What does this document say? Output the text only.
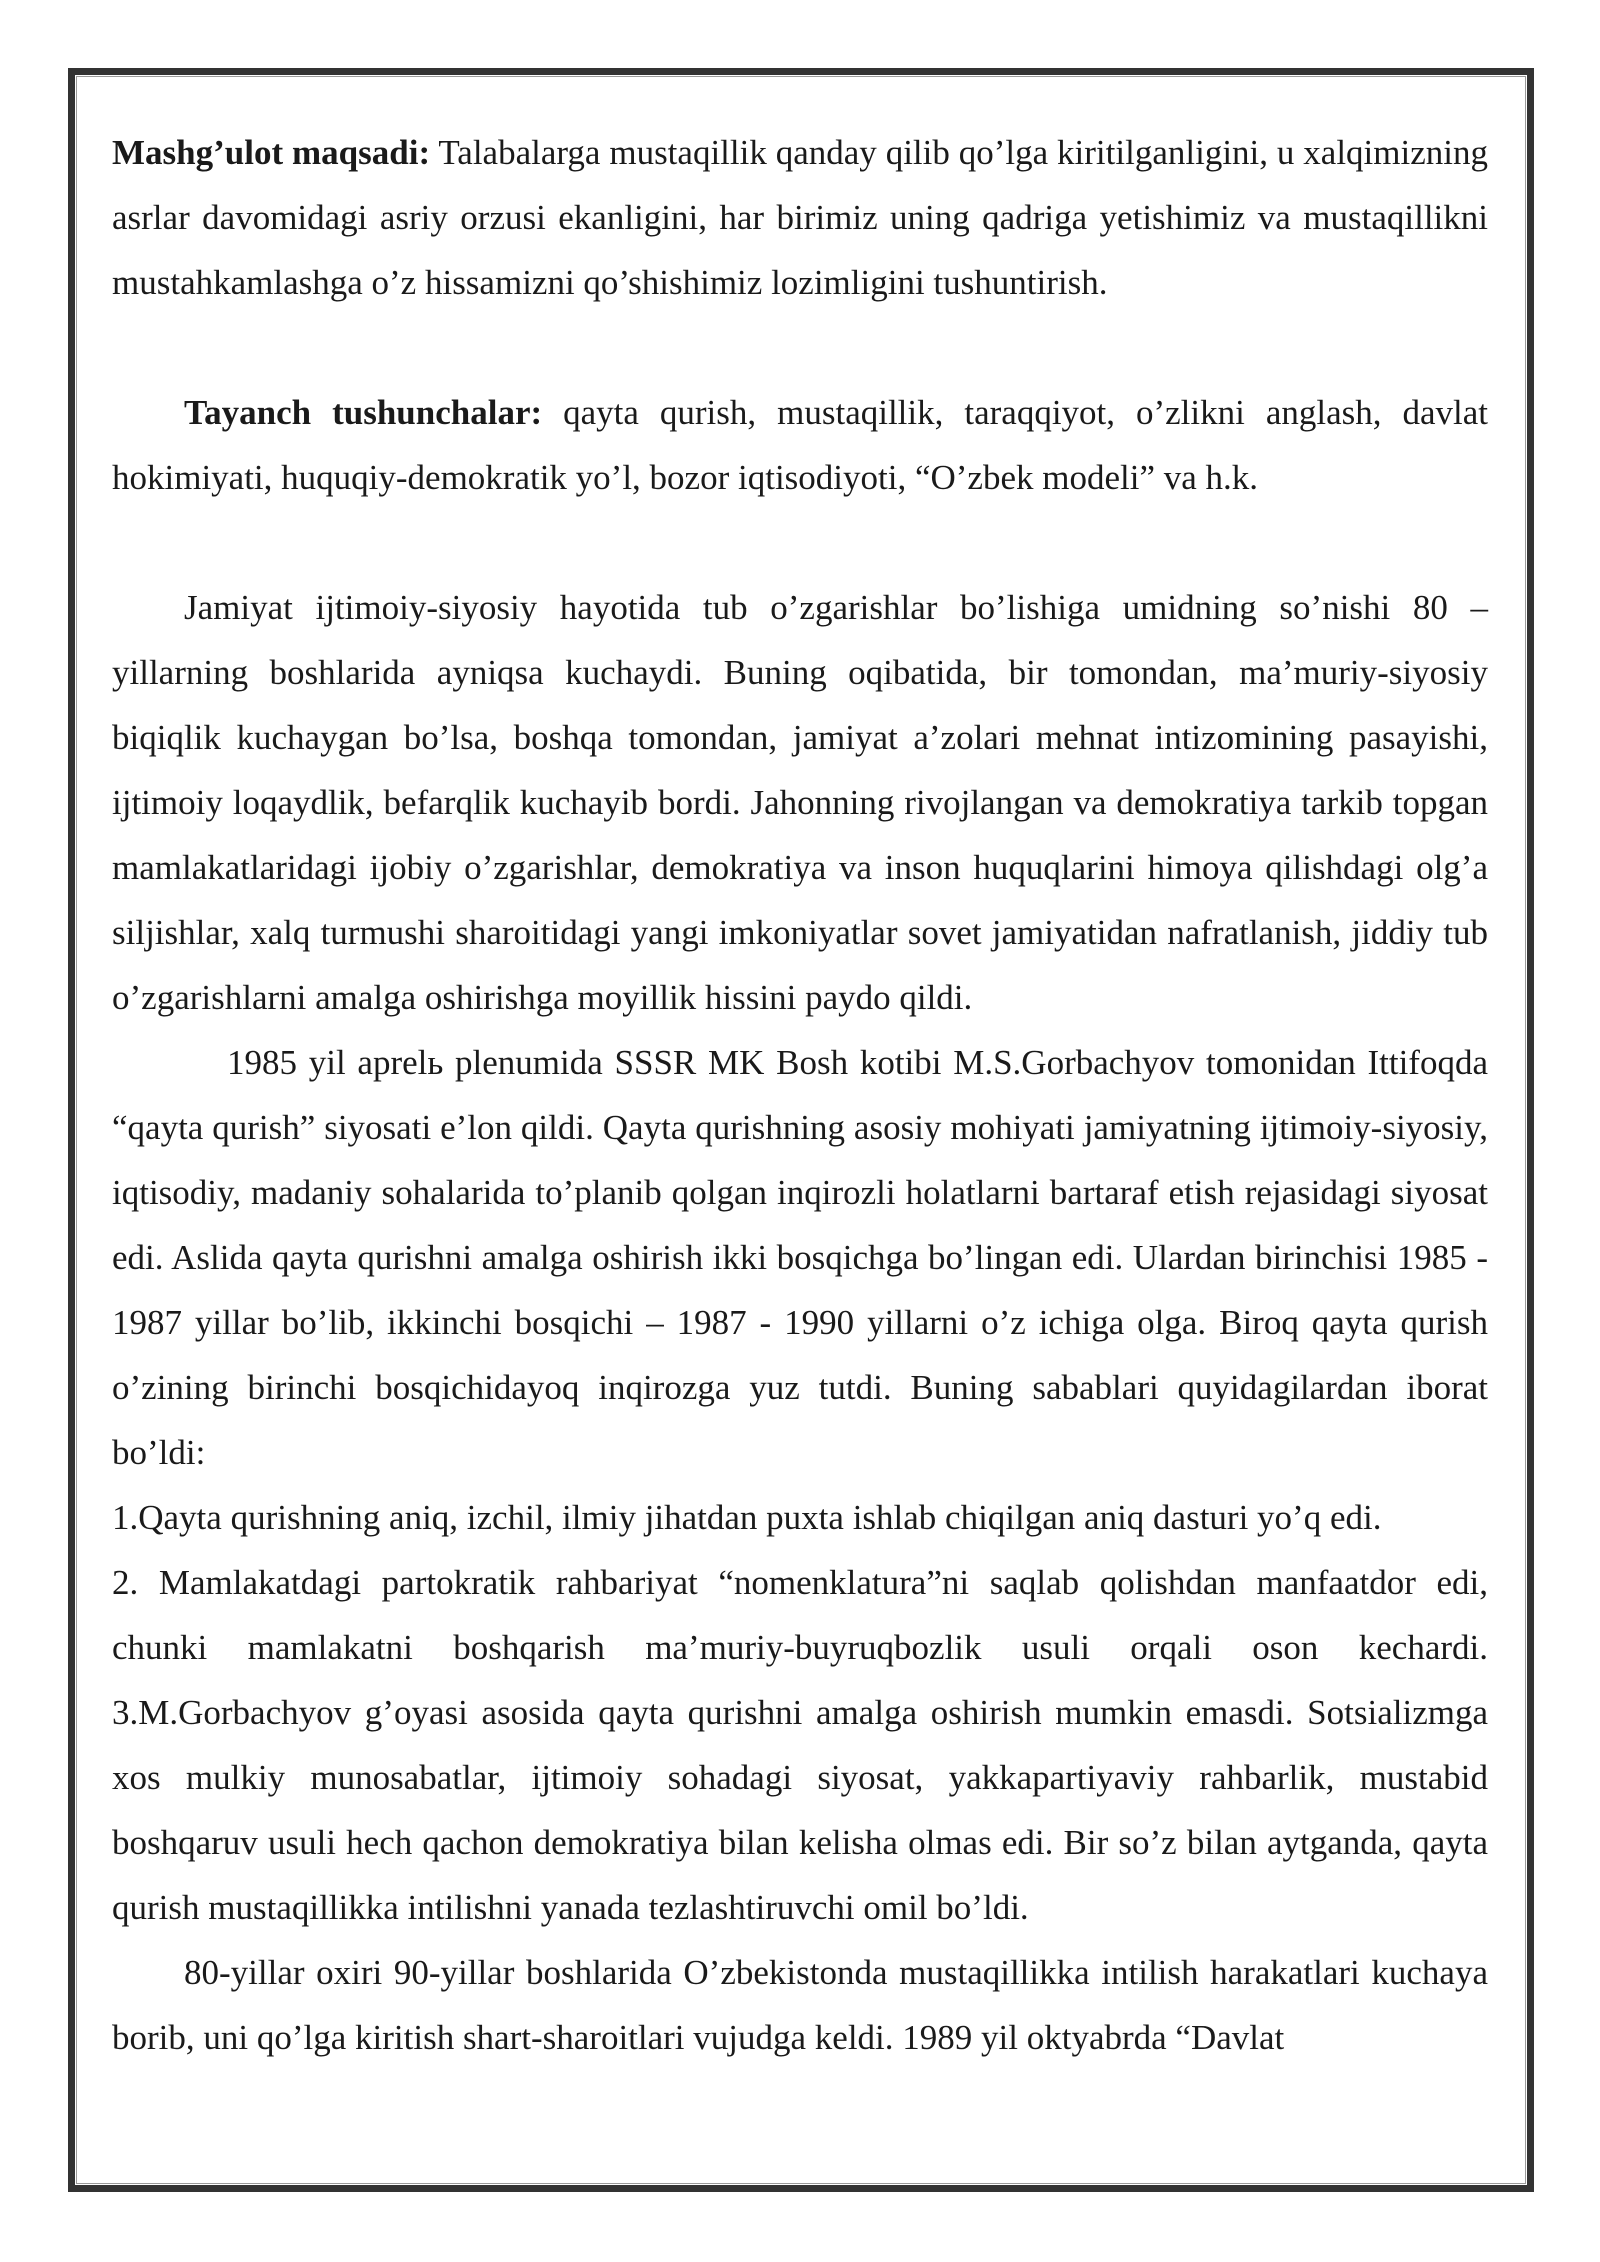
Mashg’ulot maqsadi: Talabalarga mustaqillik qanday qilib qo’lga kiritilganligini, u xalqimizning asrlar davomidagi asriy orzusi ekanligini, har birimiz uning qadriga yetishimiz va mustaqillikni mustahkamlashga o’z hissamizni qo’shishimiz lozimligini tushuntirish.

Tayanch tushunchalar: qayta qurish, mustaqillik, taraqqiyot, o’zlikni anglash, davlat hokimiyati, huquqiy-demokratik yo’l, bozor iqtisodiyoti, “O’zbek modeli” va h.k.

Jamiyat ijtimoiy-siyosiy hayotida tub o’zgarishlar bo’lishiga umidning so’nishi 80 – yillarning boshlarida ayniqsa kuchaydi. Buning oqibatida, bir tomondan, ma’muriy-siyosiy biqiqlik kuchaygan bo’lsa, boshqa tomondan, jamiyat a’zolari mehnat intizomining pasayishi, ijtimoiy loqaydlik, befarqlik kuchayib bordi. Jahonning rivojlangan va demokratiya tarkib topgan mamlakatlaridagi ijobiy o’zgarishlar, demokratiya va inson huquqlarini himoya qilishdagi olg’a siljishlar, xalq turmushi sharoitidagi yangi imkoniyatlar sovet jamiyatidan nafratlanish, jiddiy tub o’zgarishlarni amalga oshirishga moyillik hissini paydo qildi.

1985 yil aprelь plenumida SSSR MK Bosh kotibi M.S.Gorbachyov tomonidan Ittifoqda “qayta qurish” siyosati e’lon qildi. Qayta qurishning asosiy mohiyati jamiyatning ijtimoiy-siyosiy, iqtisodiy, madaniy sohalarida to’planib qolgan inqirozli holatlarni bartaraf etish rejasidagi siyosat edi. Aslida qayta qurishni amalga oshirish ikki bosqichga bo’lingan edi. Ulardan birinchisi 1985 - 1987 yillar bo’lib, ikkinchi bosqichi – 1987 - 1990 yillarni o’z ichiga olga. Biroq qayta qurish o’zining birinchi bosqichidayoq inqirozga yuz tutdi. Buning sabablari quyidagilardan iborat bo’ldi:

1.Qayta qurishning aniq, izchil, ilmiy jihatdan puxta ishlab chiqilgan aniq dasturi yo’q edi.

2. Mamlakatdagi partokratik rahbariyat “nomenklatura”ni saqlab qolishdan manfaatdor edi, chunki mamlakatni boshqarish ma’muriy-buyruqbozlik usuli orqali oson kechardi. 3.M.Gorbachyov g’oyasi asosida qayta qurishni amalga oshirish mumkin emasdi. Sotsializmga xos mulkiy munosabatlar, ijtimoiy sohadagi siyosat, yakkapartiyaviy rahbarlik, mustabid boshqaruv usuli hech qachon demokratiya bilan kelisha olmas edi. Bir so’z bilan aytganda, qayta qurish mustaqillikka intilishni yanada tezlashtiruvchi omil bo’ldi.

80-yillar oxiri 90-yillar boshlarida O’zbekistonda mustaqillikka intilish harakatlari kuchaya borib, uni qo’lga kiritish shart-sharoitlari vujudga keldi. 1989 yil oktyabrda “Davlat
